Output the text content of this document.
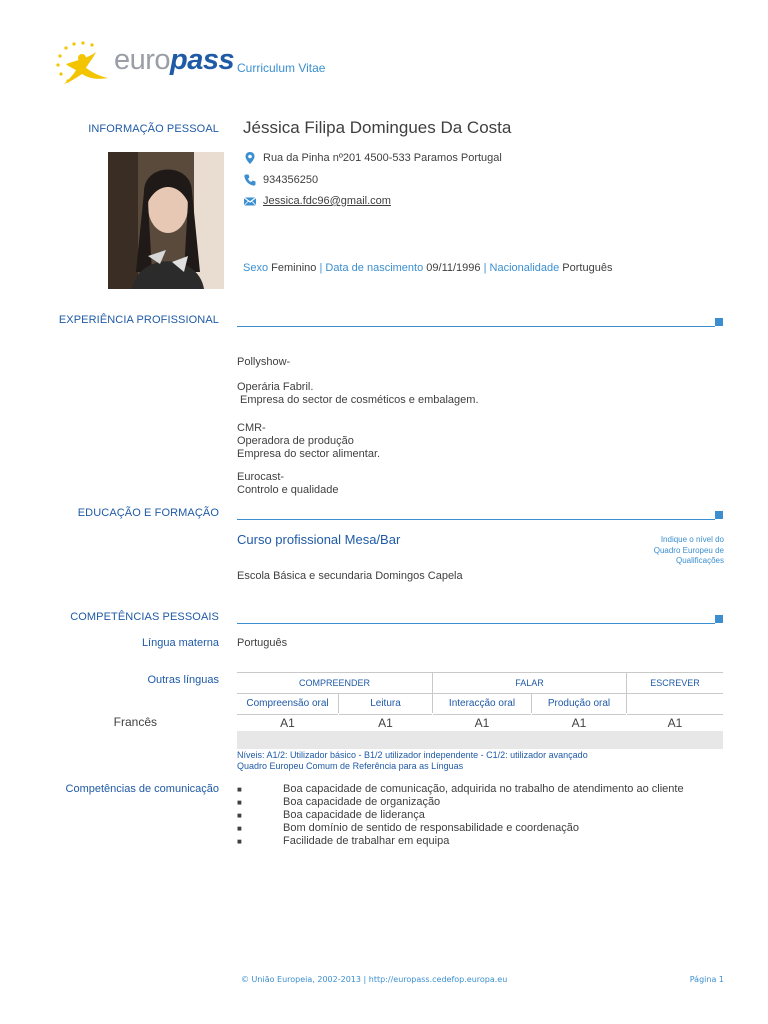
europass Curriculum Vitae
INFORMAÇÃO PESSOAL Jéssica Filipa Domingues Da Costa
Rua da Pinha nº201 4500-533 Paramos Portugal
934356250
Jessica.fdc96@gmail.com
Sexo Feminino | Data de nascimento 09/11/1996 | Nacionalidade Português
EXPERIÊNCIA PROFISSIONAL
Pollyshow-

Operária Fabril.
Empresa do sector de cosméticos e embalagem.
CMR-
Operadora de produção
Empresa do sector alimentar.
Eurocast-
Controlo e qualidade
EDUCAÇÃO E FORMAÇÃO
Curso profissional Mesa/Bar	Indique o nível do
Quadro Europeu de
Qualificações
Escola Básica e secundaria Domingos Capela
COMPETÊNCIAS PESSOAIS
Língua materna Português
Outras línguas	COMPREENDER	FALAR	ESCREVER
Compreensão oral	Leitura	Interacção oral	Produção oral
Francês	A1	A1	A1	A1	A1
Níveis: A1/2: Utilizador básico - B1/2 utilizador independente - C1/2: utilizador avançado
Quadro Europeu Comum de Referência para as Línguas
Competências de comunicação ■	Boa capacidade de comunicação, adquirida no trabalho de atendimento ao cliente
■	Boa capacidade de organização
■	Boa capacidade de liderança
■	Bom domínio de sentido de responsabilidade e coordenação
■	Facilidade de trabalhar em equipa
© União Europeia, 2002-2013 | http://europass.cedefop.europa.eu	Página 1
